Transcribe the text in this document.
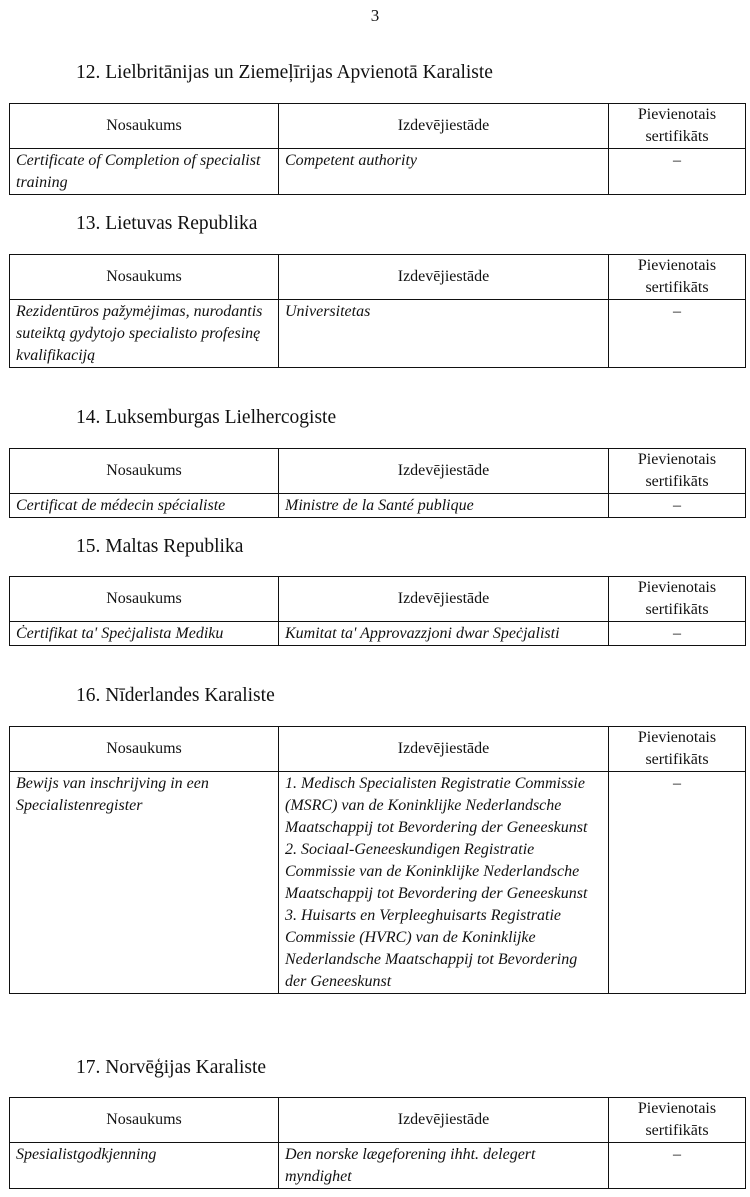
3
12. Lielbritānijas un Ziemeļīrijas Apvienotā Karaliste
Nosaukums	Izdevējiestāde	Pievienotais
sertifikāts

Certificate of Completion of specialist training	Competent authority	–
13. Lietuvas Republika
Nosaukums	Izdevējiestāde	Pievienotais
sertifikāts

Rezidentūros pažymėjimas, nurodantis suteiktą gydytojo specialisto profesinę kvalifikaciją	Universitetas	–
14. Luksemburgas Lielhercogiste
Nosaukums	Izdevējiestāde	Pievienotais
sertifikāts

Certificat de médecin spécialiste	Ministre de la Santé publique	–
15. Maltas Republika
Nosaukums	Izdevējiestāde	Pievienotais
sertifikāts

Ċertifikat ta' Speċjalista Mediku	Kumitat ta' Approvazzjoni dwar Speċjalisti	–
16. Nīderlandes Karaliste
Nosaukums	Izdevējiestāde	Pievienotais
sertifikāts

Bewijs van inschrijving in een Specialistenregister	1. Medisch Specialisten Registratie Commissie (MSRC) van de Koninklijke Nederlandsche Maatschappij tot Bevordering der Geneeskunst
2. Sociaal-Geneeskundigen Registratie Commissie van de Koninklijke Nederlandsche Maatschappij tot Bevordering der Geneeskunst
3. Huisarts en Verpleeghuisarts Registratie Commissie (HVRC) van de Koninklijke Nederlandsche Maatschappij tot Bevordering der Geneeskunst	–
17. Norvēģijas Karaliste
Nosaukums	Izdevējiestāde	Pievienotais
sertifikāts

Spesialistgodkjenning	Den norske lægeforening ihht. delegert myndighet	–
